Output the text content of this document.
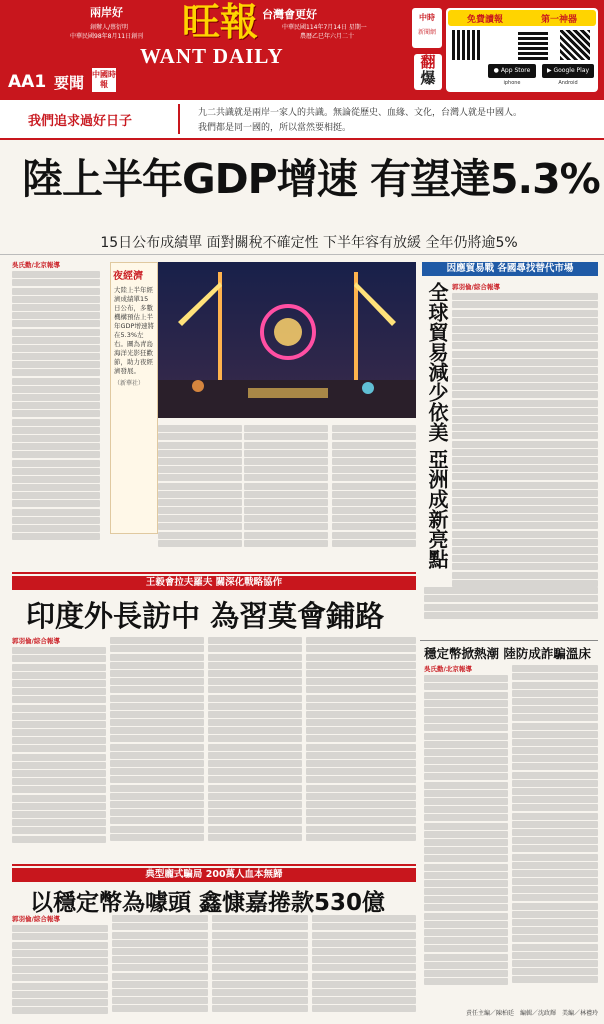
兩岸好	台灣會更好
創辦人/蔡衍明
中華民國98年8月11日創刊
中華民國114年7月14日 星期一
農曆乙巳年六月二十
旺報
WANT DAILY
AA1 要聞 中國時報
中時
新聞網
免費讀報	第一神器
翻
爆	● App Store
iphone
▶ Google Play
Android
我們追求過好日子
九二共識就是兩岸一家人的共識。無論從歷史、血緣、文化，台灣人就是中國人。
我們都是同一國的，所以當然要相挺。
陸上半年GDP增速 有望達5.3%
15日公布成績單 面對關稅不確定性 下半年容有放緩 全年仍將逾5%
吳氏勤/北京報導
夜經濟
大陸上半年經濟成績單15日公布，多數機構預估上半年GDP增速將在5.3%左右。圖為青島海洋光影狂歡節，助力夜經濟發展。
（新華社）
因應貿易戰 各國尋找替代市場
郭羽倫/綜合報導
全球貿易減少依美 亞洲成新亮點
王毅會拉夫羅夫 關深化戰略協作
印度外長訪中 為習莫會鋪路
郭羽倫/綜合報導
典型龐式騙局 200萬人血本無歸
以穩定幣為噱頭 鑫慷嘉捲款530億
郭羽倫/綜合報導
穩定幣掀熱潮 陸防成詐騙溫床
吳氏勤/北京報導
責任主編／陳柏廷　編輯／沈政輝　美編／林禮玲
